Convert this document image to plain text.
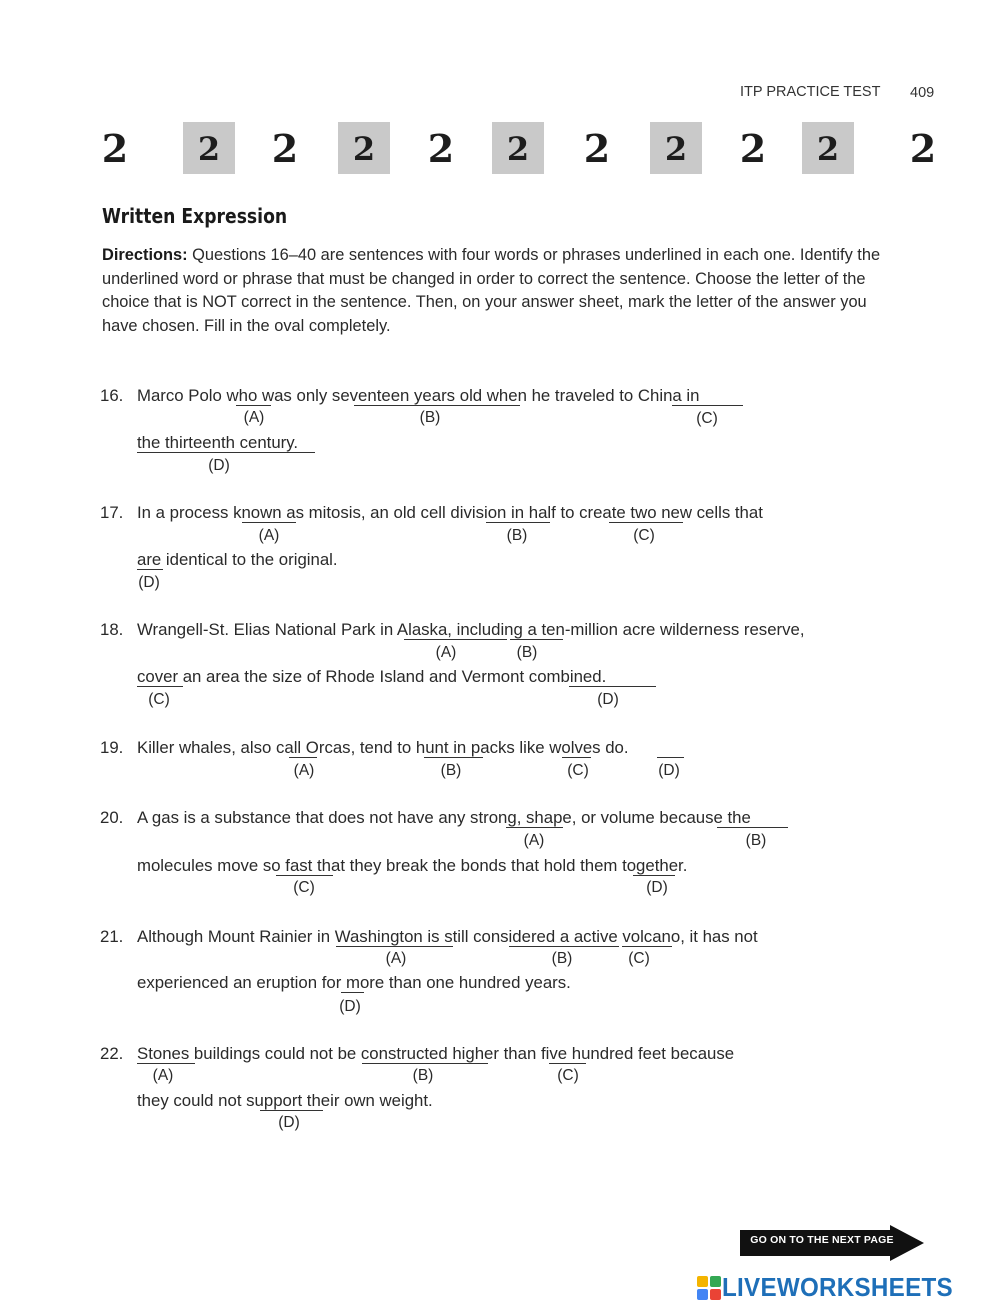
ITP PRACTICE TEST 409
2	2	2	2	2	2	2	2	2	2	2
Written Expression
Directions: Questions 16–40 are sentences with four words or phrases underlined in each one. Identify the underlined word or phrase that must be changed in order to correct the sentence. Choose the letter of the choice that is NOT correct in the sentence. Then, on your answer sheet, mark the letter of the answer you have chosen. Fill in the oval completely.
16. Marco Polo who was only seventeen years old when he traveled to China in
(A)	(B)	(C)
the thirteenth century.
(D)
17. In a process known as mitosis, an old cell division in half to create two new cells that
(A)	(B)	(C)
are identical to the original.
(D)
18. Wrangell-St. Elias National Park in Alaska, including a ten-million acre wilderness reserve,
(A)	(B)
cover an area the size of Rhode Island and Vermont combined.
(C)	(D)
19. Killer whales, also call Orcas, tend to hunt in packs like wolves do.
(A)	(B)	(C)	(D)
20. A gas is a substance that does not have any strong, shape, or volume because the
(A)	(B)
molecules move so fast that they break the bonds that hold them together.
(C)	(D)
21. Although Mount Rainier in Washington is still considered a active volcano, it has not
(A)	(B)	(C)
experienced an eruption for more than one hundred years.
(D)
22. Stones buildings could not be constructed higher than five hundred feet because
(A)	(B)	(C)
they could not support their own weight.
(D)
GO ON TO THE NEXT PAGE
LIVEWORKSHEETS
